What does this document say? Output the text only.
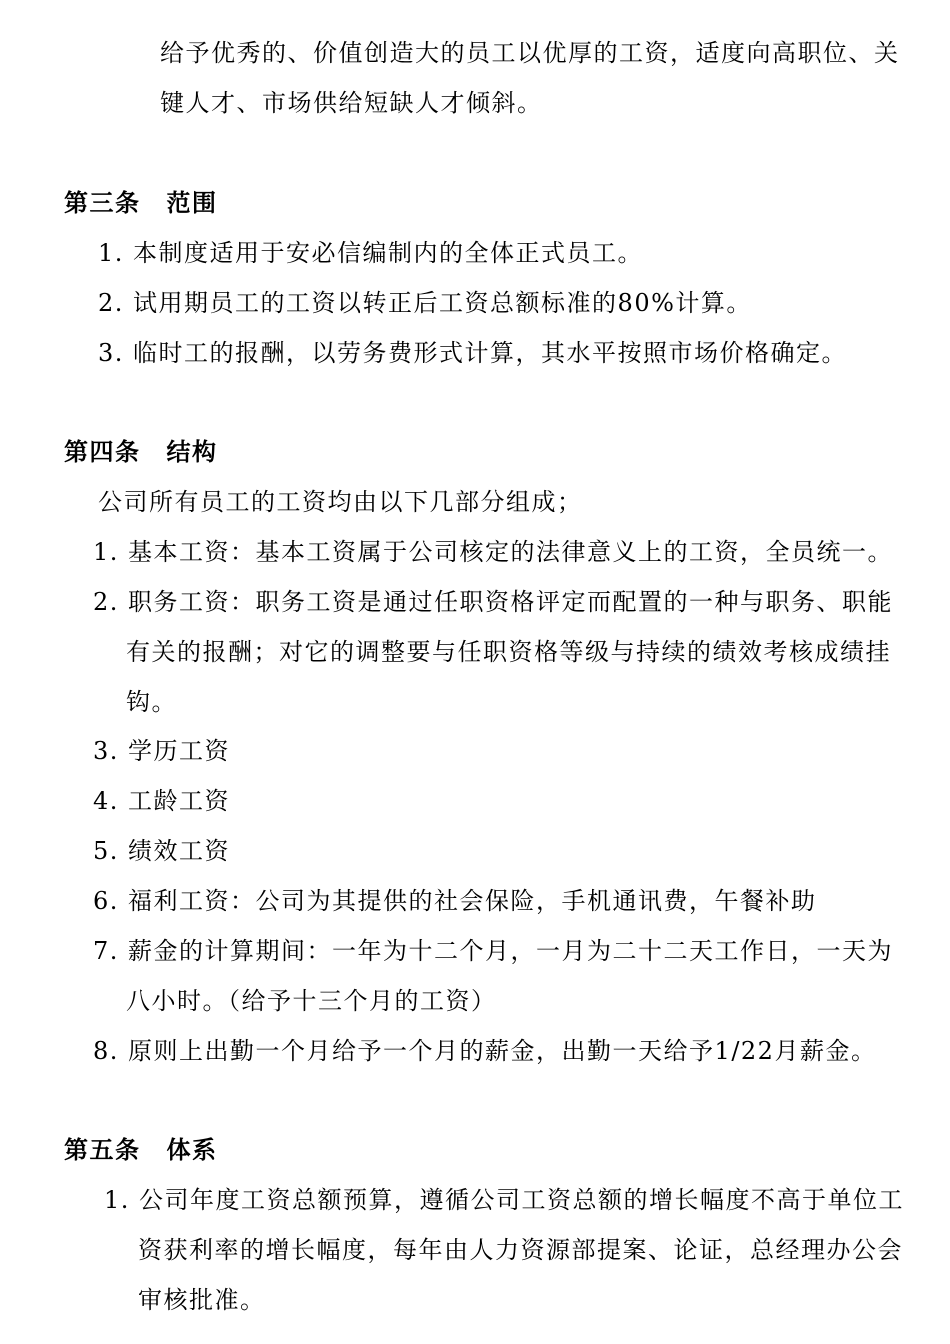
给予优秀的、价值创造大的员工以优厚的工资，适度向高职位、关
键人才、市场供给短缺人才倾斜。
第三条 范围
1. 本制度适用于安必信编制内的全体正式员工。
2. 试用期员工的工资以转正后工资总额标准的80%计算。
3. 临时工的报酬，以劳务费形式计算，其水平按照市场价格确定。
第四条 结构
公司所有员工的工资均由以下几部分组成；
1. 基本工资：基本工资属于公司核定的法律意义上的工资，全员统一。
2. 职务工资：职务工资是通过任职资格评定而配置的一种与职务、职能
有关的报酬；对它的调整要与任职资格等级与持续的绩效考核成绩挂
钩。
3. 学历工资
4. 工龄工资
5. 绩效工资
6. 福利工资：公司为其提供的社会保险，手机通讯费，午餐补助
7. 薪金的计算期间：一年为十二个月，一月为二十二天工作日，一天为
八小时。（给予十三个月的工资）
8. 原则上出勤一个月给予一个月的薪金，出勤一天给予1/22月薪金。
第五条 体系
1. 公司年度工资总额预算，遵循公司工资总额的增长幅度不高于单位工
资获利率的增长幅度，每年由人力资源部提案、论证，总经理办公会
审核批准。
